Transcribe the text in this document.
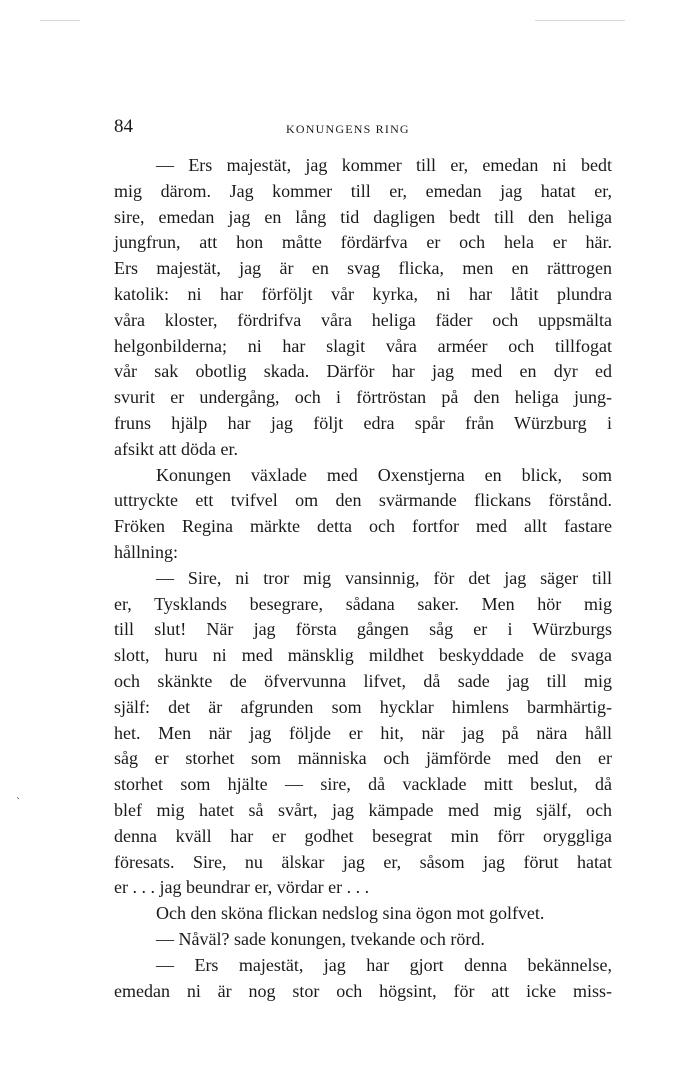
84	KONUNGENS RING
— Ers majestät, jag kommer till er, emedan ni bedt
mig därom. Jag kommer till er, emedan jag hatat er,
sire, emedan jag en lång tid dagligen bedt till den heliga
jungfrun, att hon måtte fördärfva er och hela er här.
Ers majestät, jag är en svag flicka, men en rättrogen
katolik: ni har förföljt vår kyrka, ni har låtit plundra
våra kloster, fördrifva våra heliga fäder och uppsmälta
helgonbilderna; ni har slagit våra arméer och tillfogat
vår sak obotlig skada. Därför har jag med en dyr ed
svurit er undergång, och i förtröstan på den heliga jung-
fruns hjälp har jag följt edra spår från Würzburg i
afsikt att döda er.
Konungen växlade med Oxenstjerna en blick, som
uttryckte ett tvifvel om den svärmande flickans förstånd.
Fröken Regina märkte detta och fortfor med allt fastare
hållning:
— Sire, ni tror mig vansinnig, för det jag säger till
er, Tysklands besegrare, sådana saker. Men hör mig
till slut! När jag första gången såg er i Würzburgs
slott, huru ni med mänsklig mildhet beskyddade de svaga
och skänkte de öfvervunna lifvet, då sade jag till mig
själf: det är afgrunden som hycklar himlens barmhärtig-
het. Men när jag följde er hit, när jag på nära håll
såg er storhet som människa och jämförde med den er
storhet som hjälte — sire, då vacklade mitt beslut, då
blef mig hatet så svårt, jag kämpade med mig själf, och
denna kväll har er godhet besegrat min förr oryggliga
föresats. Sire, nu älskar jag er, såsom jag förut hatat
er . . . jag beundrar er, vördar er . . .
Och den sköna flickan nedslog sina ögon mot golfvet.
— Nåväl? sade konungen, tvekande och rörd.
— Ers majestät, jag har gjort denna bekännelse,
emedan ni är nog stor och högsint, för att icke miss-
`
